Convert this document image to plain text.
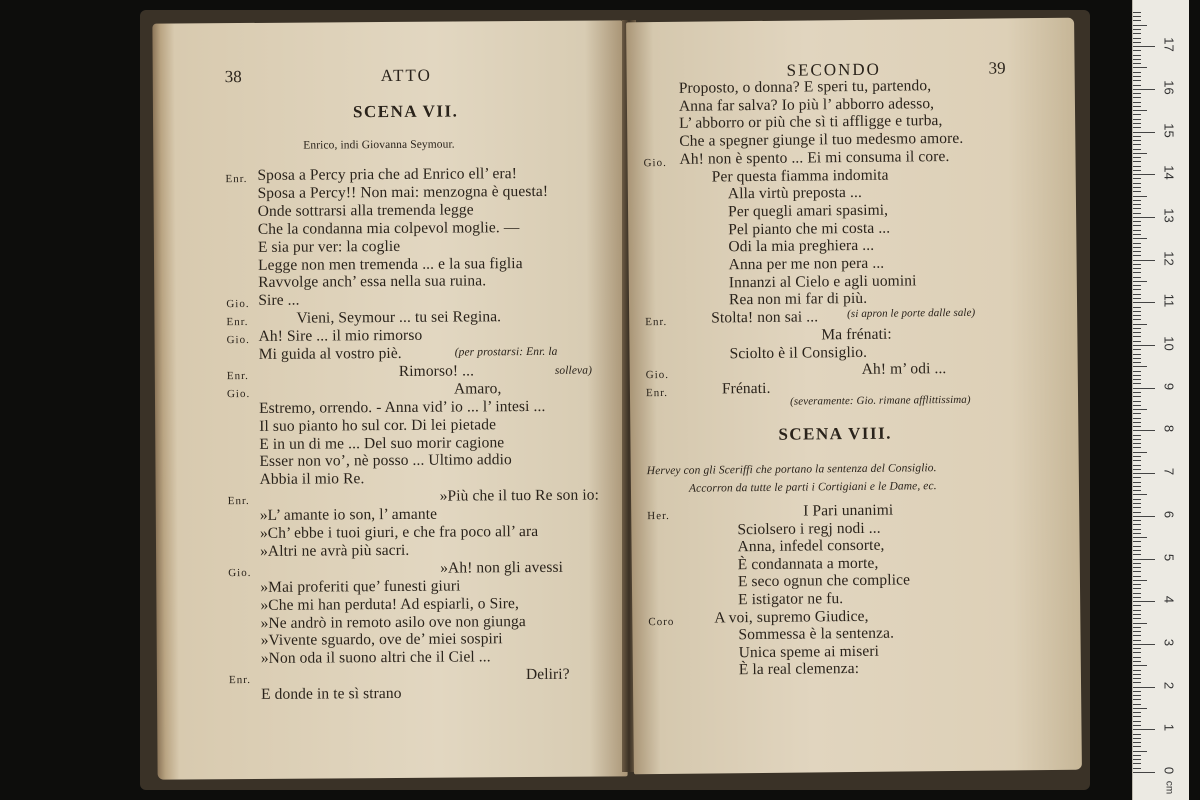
38	ATTO
SCENA VII.
Enrico, indi Giovanna Seymour.
Enr. Sposa a Percy pria che ad Enrico ell’ era!
Sposa a Percy!! Non mai: menzogna è questa!
Onde sottrarsi alla tremenda legge
Che la condanna mia colpevol moglie. —
E sia pur ver: la coglie
Legge non men tremenda ... e la sua figlia
Ravvolge anch’ essa nella sua ruina.
Gio. Sire ...
Enr.	Vieni, Seymour ... tu sei Regina.
Gio. Ah! Sire ... il mio rimorso
Mi guida al vostro piè.
Enr.	Rimorso! ...
Gio.	Amaro,
Estremo, orrendo. - Anna vid’ io ... l’ intesi ...
Il suo pianto ho sul cor. Di lei pietade
E in un di me ... Del suo morir cagione
Esser non vo’, nè posso ... Ultimo addio
Abbia il mio Re.
Enr.	»Più che il tuo Re son io:
»L’ amante io son, l’ amante
»Ch’ ebbe i tuoi giuri, e che fra poco all’ ara
»Altri ne avrà più sacri.
Gio.	»Ah! non gli avessi
»Mai proferiti que’ funesti giuri
»Che mi han perduta! Ad espiarli, o Sire,
»Ne andrò in remoto asilo ove non giunga
»Vivente sguardo, ove de’ miei sospiri
»Non oda il suono altri che il Ciel ...
Enr.	Deliri?
E donde in te sì strano
(per prostarsi: Enr. la
solleva)
SECONDO	39
Proposto, o donna? E speri tu, partendo,
Anna far salva? Io più l’ abborro adesso,
L’ abborro or più che sì ti affligge e turba,
Che a spegner giunge il tuo medesmo amore.
Gio. Ah! non è spento ... Ei mi consuma il core.
Per questa fiamma indomita
Alla virtù preposta ...
Per quegli amari spasimi,
Pel pianto che mi costa ...
Odi la mia preghiera ...
Anna per me non pera ...
Innanzi al Cielo e agli uomini
Rea non mi far di più.
Enr.	Stolta! non sai ...
Ma frénati:
Sciolto è il Consiglio.
Gio.	Ah! m’ odi ...
Enr.	Frénati.
(si apron le porte dalle sale)
(severamente: Gio. rimane afflittissima)
SCENA VIII.
Hervey con gli Sceriffi che portano la sentenza del Consiglio.
Accorron da tutte le parti i Cortigiani e le Dame, ec.
Her.	I Pari unanimi
Sciolsero i regj nodi ...
Anna, infedel consorte,
È condannata a morte,
E seco ognun che complice
E istigator ne fu.
Coro	A voi, supremo Giudice,
Sommessa è la sentenza.
Unica speme ai miseri
È la real clemenza:
0
1
2
3
4
5
6
7
8
9
10
11
12
13
14
15
16
17
cm
